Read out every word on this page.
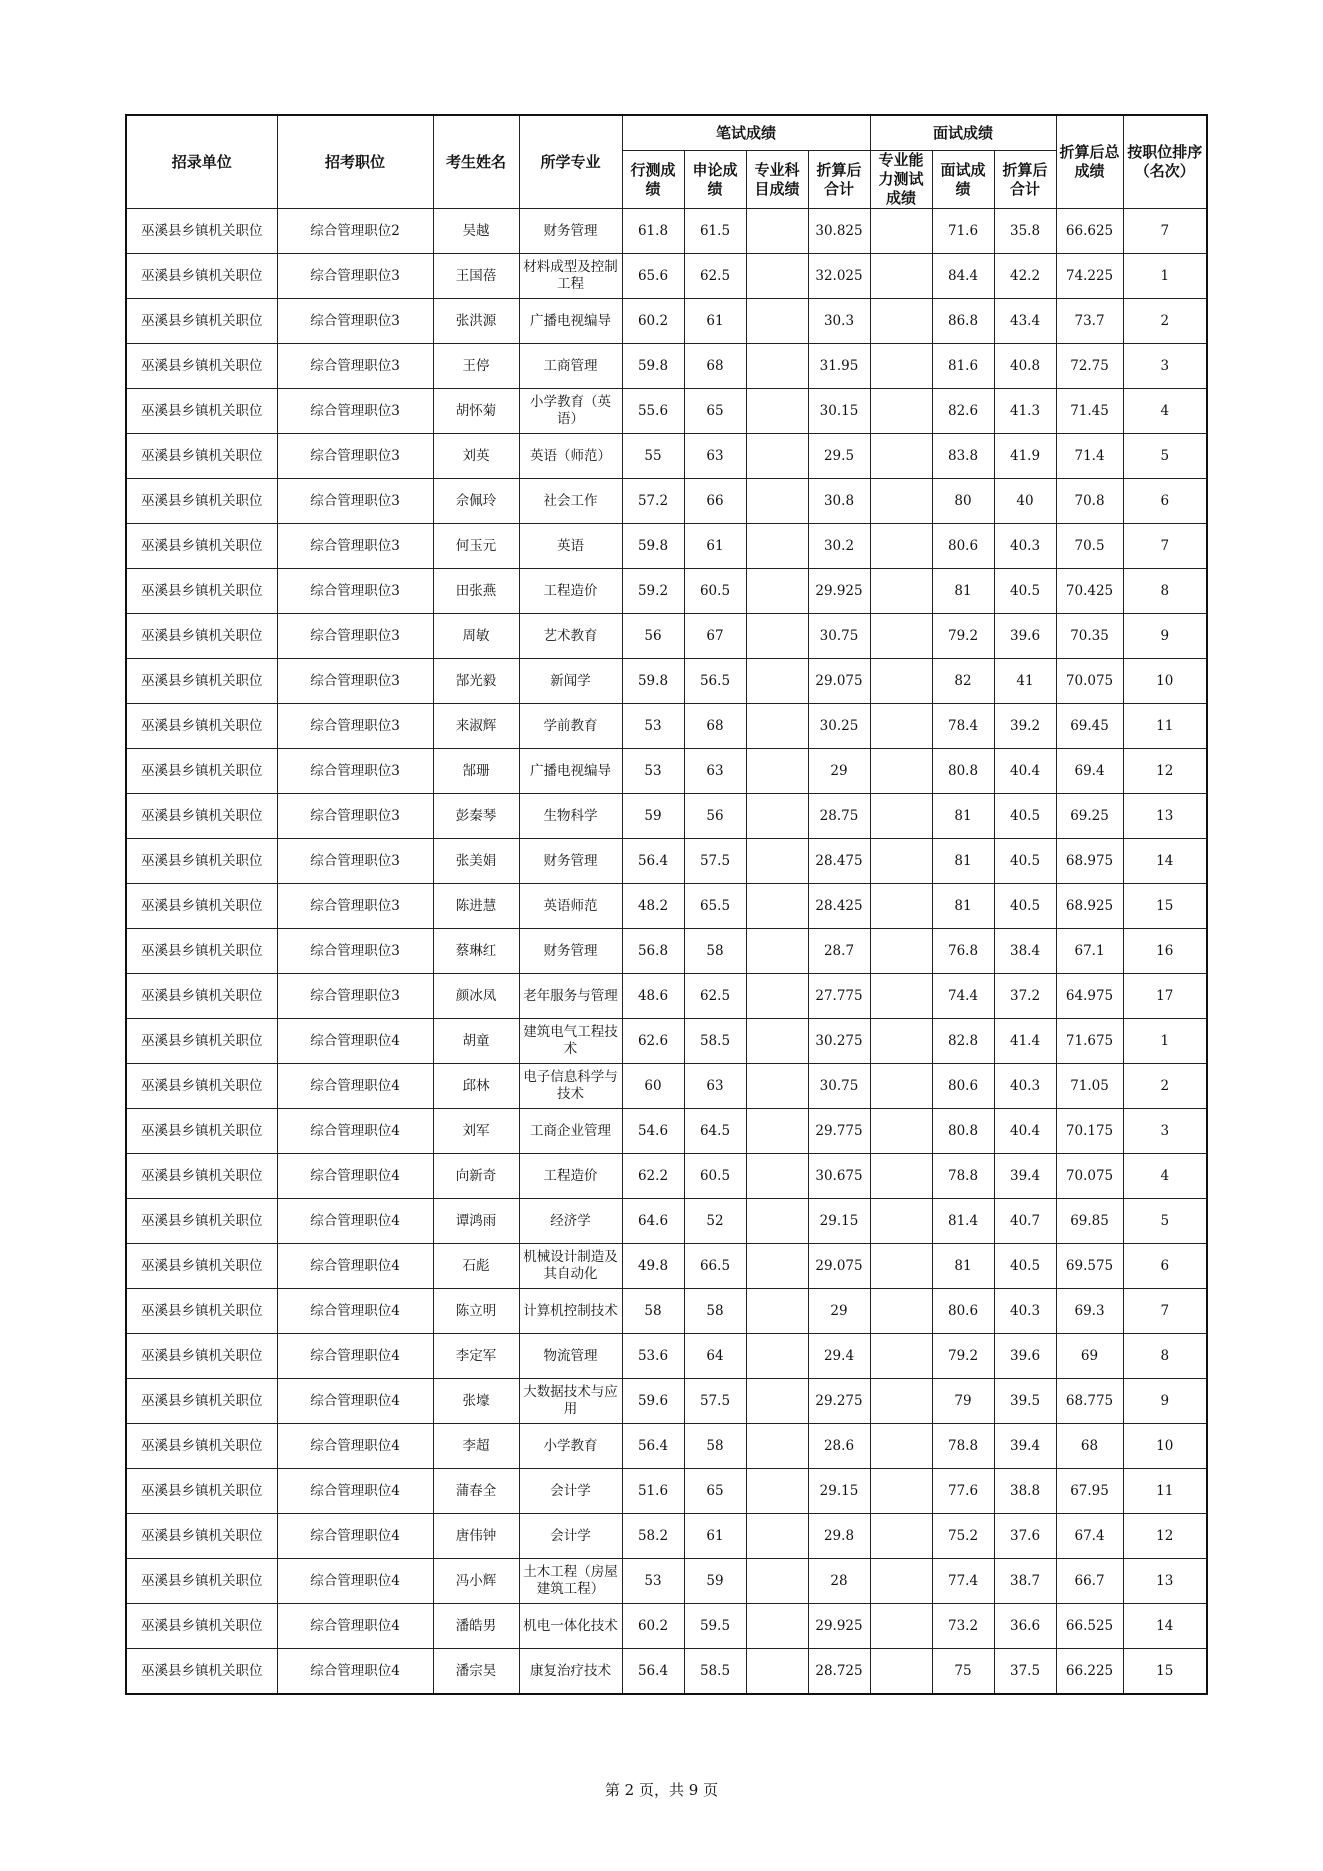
招录单位	招考职位	考生姓名	所学专业	笔试成绩				面试成绩			折算后总成绩	按职位排序（名次）
				行测成绩	申论成绩	专业科目成绩	折算后合计	专业能力测试成绩	面试成绩	折算后合计		
巫溪县乡镇机关职位	综合管理职位2	吴越	财务管理	61.8	61.5		30.825		71.6	35.8	66.625	7
巫溪县乡镇机关职位	综合管理职位3	王国蓓	材料成型及控制工程	65.6	62.5		32.025		84.4	42.2	74.225	1
巫溪县乡镇机关职位	综合管理职位3	张洪源	广播电视编导	60.2	61		30.3		86.8	43.4	73.7	2
巫溪县乡镇机关职位	综合管理职位3	王停	工商管理	59.8	68		31.95		81.6	40.8	72.75	3
巫溪县乡镇机关职位	综合管理职位3	胡怀菊	小学教育（英语）	55.6	65		30.15		82.6	41.3	71.45	4
巫溪县乡镇机关职位	综合管理职位3	刘英	英语（师范）	55	63		29.5		83.8	41.9	71.4	5
巫溪县乡镇机关职位	综合管理职位3	佘佩玲	社会工作	57.2	66		30.8		80	40	70.8	6
巫溪县乡镇机关职位	综合管理职位3	何玉元	英语	59.8	61		30.2		80.6	40.3	70.5	7
巫溪县乡镇机关职位	综合管理职位3	田张燕	工程造价	59.2	60.5		29.925		81	40.5	70.425	8
巫溪县乡镇机关职位	综合管理职位3	周敏	艺术教育	56	67		30.75		79.2	39.6	70.35	9
巫溪县乡镇机关职位	综合管理职位3	郜光毅	新闻学	59.8	56.5		29.075		82	41	70.075	10
巫溪县乡镇机关职位	综合管理职位3	来淑辉	学前教育	53	68		30.25		78.4	39.2	69.45	11
巫溪县乡镇机关职位	综合管理职位3	郜珊	广播电视编导	53	63		29		80.8	40.4	69.4	12
巫溪县乡镇机关职位	综合管理职位3	彭秦琴	生物科学	59	56		28.75		81	40.5	69.25	13
巫溪县乡镇机关职位	综合管理职位3	张美娟	财务管理	56.4	57.5		28.475		81	40.5	68.975	14
巫溪县乡镇机关职位	综合管理职位3	陈进慧	英语师范	48.2	65.5		28.425		81	40.5	68.925	15
巫溪县乡镇机关职位	综合管理职位3	蔡琳红	财务管理	56.8	58		28.7		76.8	38.4	67.1	16
巫溪县乡镇机关职位	综合管理职位3	颜冰凤	老年服务与管理	48.6	62.5		27.775		74.4	37.2	64.975	17
巫溪县乡镇机关职位	综合管理职位4	胡童	建筑电气工程技术	62.6	58.5		30.275		82.8	41.4	71.675	1
巫溪县乡镇机关职位	综合管理职位4	邱林	电子信息科学与技术	60	63		30.75		80.6	40.3	71.05	2
巫溪县乡镇机关职位	综合管理职位4	刘军	工商企业管理	54.6	64.5		29.775		80.8	40.4	70.175	3
巫溪县乡镇机关职位	综合管理职位4	向新奇	工程造价	62.2	60.5		30.675		78.8	39.4	70.075	4
巫溪县乡镇机关职位	综合管理职位4	谭鸿雨	经济学	64.6	52		29.15		81.4	40.7	69.85	5
巫溪县乡镇机关职位	综合管理职位4	石彪	机械设计制造及其自动化	49.8	66.5		29.075		81	40.5	69.575	6
巫溪县乡镇机关职位	综合管理职位4	陈立明	计算机控制技术	58	58		29		80.6	40.3	69.3	7
巫溪县乡镇机关职位	综合管理职位4	李定军	物流管理	53.6	64		29.4		79.2	39.6	69	8
巫溪县乡镇机关职位	综合管理职位4	张壕	大数据技术与应用	59.6	57.5		29.275		79	39.5	68.775	9
巫溪县乡镇机关职位	综合管理职位4	李超	小学教育	56.4	58		28.6		78.8	39.4	68	10
巫溪县乡镇机关职位	综合管理职位4	蒲春全	会计学	51.6	65		29.15		77.6	38.8	67.95	11
巫溪县乡镇机关职位	综合管理职位4	唐伟钟	会计学	58.2	61		29.8		75.2	37.6	67.4	12
巫溪县乡镇机关职位	综合管理职位4	冯小辉	土木工程（房屋建筑工程）	53	59		28		77.4	38.7	66.7	13
巫溪县乡镇机关职位	综合管理职位4	潘皓男	机电一体化技术	60.2	59.5		29.925		73.2	36.6	66.525	14
巫溪县乡镇机关职位	综合管理职位4	潘宗昊	康复治疗技术	56.4	58.5		28.725		75	37.5	66.225	15
第 2 页，共 9 页
